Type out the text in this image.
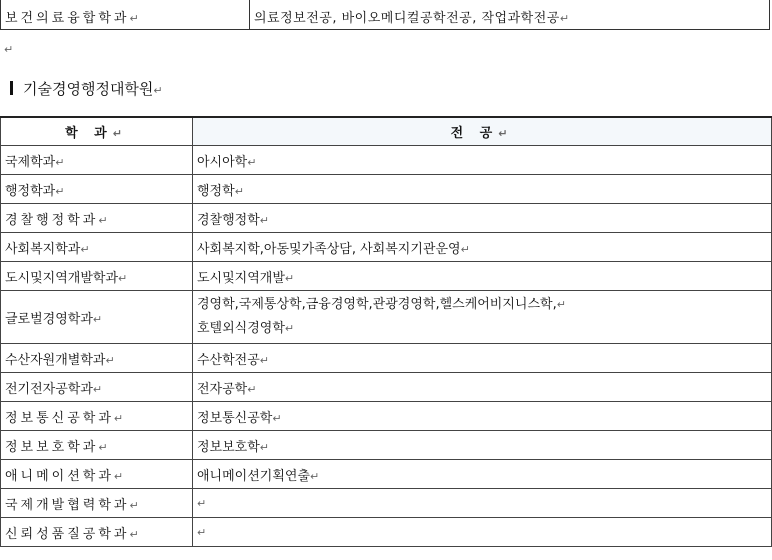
보건의료융합학과↵	의료정보전공, 바이오메디컬공학전공, 작업과학전공↵
↵
기술경영행정대학원↵
학 과↵	전 공↵
국제학과↵	아시아학↵
행정학과↵	행정학↵
경찰행정학과↵	경찰행정학↵
사회복지학과↵	사회복지학,아동및가족상담, 사회복지기관운영↵
도시및지역개발학과↵	도시및지역개발↵
글로벌경영학과↵	경영학,국제통상학,금융경영학,관광경영학,헬스케어비지니스학,↵
호텔외식경영학↵

수산자원개별학과↵	수산학전공↵
전기전자공학과↵	전자공학↵
정보통신공학과↵	정보통신공학↵
정보보호학과↵	정보보호학↵
애니메이션학과↵	애니메이션기획연출↵
국제개발협력학과↵	↵
신뢰성품질공학과↵	↵
